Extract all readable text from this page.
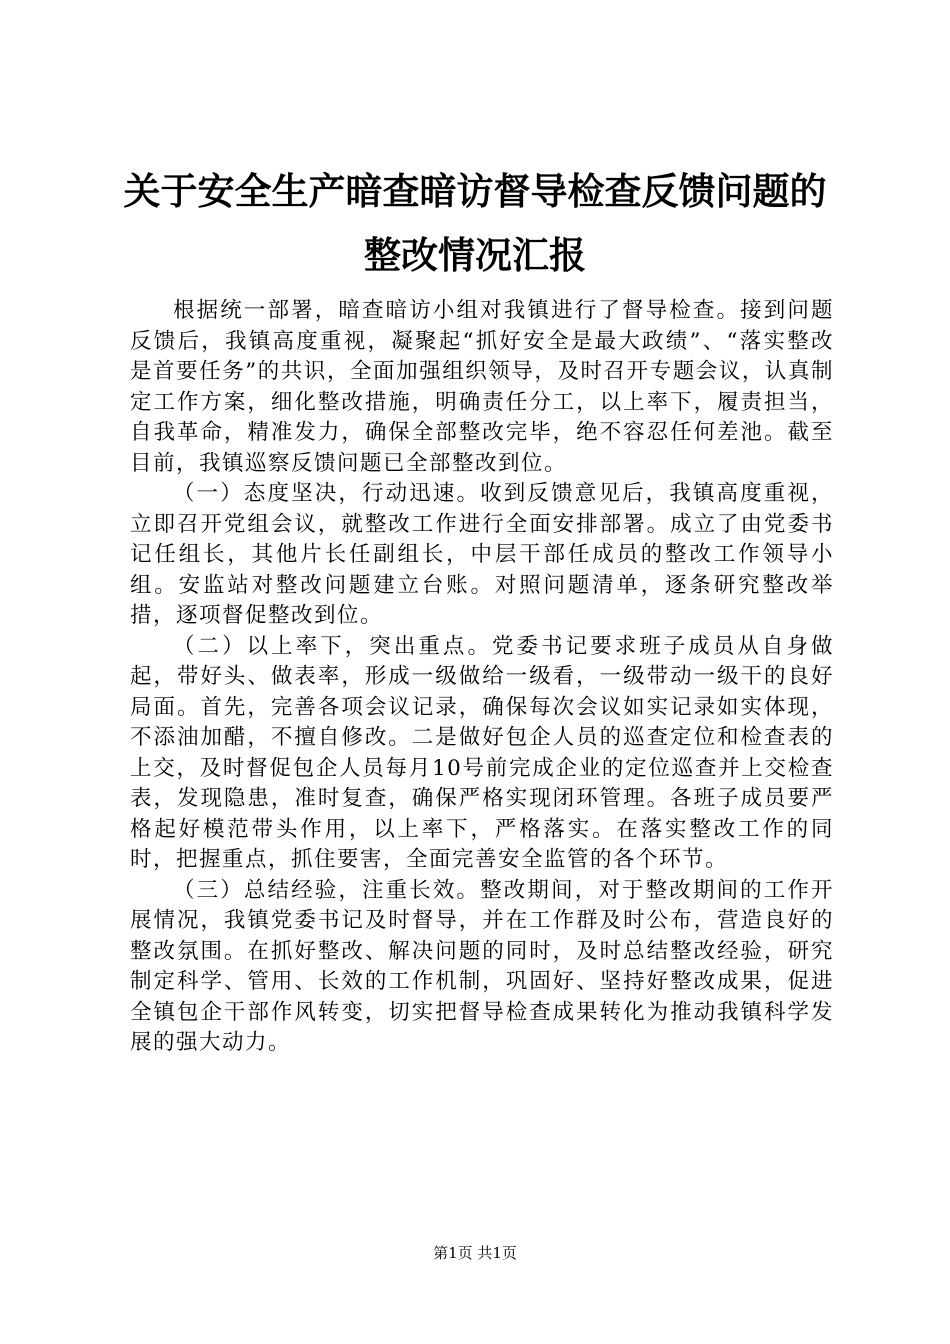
关于安全生产暗查暗访督导检查反馈问题的整改情况汇报

根据统一部署，暗查暗访小组对我镇进行了督导检查。接到问题反馈后，我镇高度重视，凝聚起“抓好安全是最大政绩”、“落实整改是首要任务”的共识，全面加强组织领导，及时召开专题会议，认真制定工作方案，细化整改措施，明确责任分工，以上率下，履责担当，自我革命，精准发力，确保全部整改完毕，绝不容忍任何差池。截至目前，我镇巡察反馈问题已全部整改到位。

（一）态度坚决，行动迅速。收到反馈意见后，我镇高度重视，立即召开党组会议，就整改工作进行全面安排部署。成立了由党委书记任组长，其他片长任副组长，中层干部任成员的整改工作领导小组。安监站对整改问题建立台账。对照问题清单，逐条研究整改举措，逐项督促整改到位。

（二）以上率下，突出重点。党委书记要求班子成员从自身做起，带好头、做表率，形成一级做给一级看，一级带动一级干的良好局面。首先，完善各项会议记录，确保每次会议如实记录如实体现，不添油加醋，不擅自修改。二是做好包企人员的巡查定位和检查表的上交，及时督促包企人员每月10号前完成企业的定位巡查并上交检查表，发现隐患，准时复查，确保严格实现闭环管理。各班子成员要严格起好模范带头作用，以上率下，严格落实。在落实整改工作的同时，把握重点，抓住要害，全面完善安全监管的各个环节。

（三）总结经验，注重长效。整改期间，对于整改期间的工作开展情况，我镇党委书记及时督导，并在工作群及时公布，营造良好的整改氛围。在抓好整改、解决问题的同时，及时总结整改经验，研究制定科学、管用、长效的工作机制，巩固好、坚持好整改成果，促进全镇包企干部作风转变，切实把督导检查成果转化为推动我镇科学发展的强大动力。

第1页 共1页
